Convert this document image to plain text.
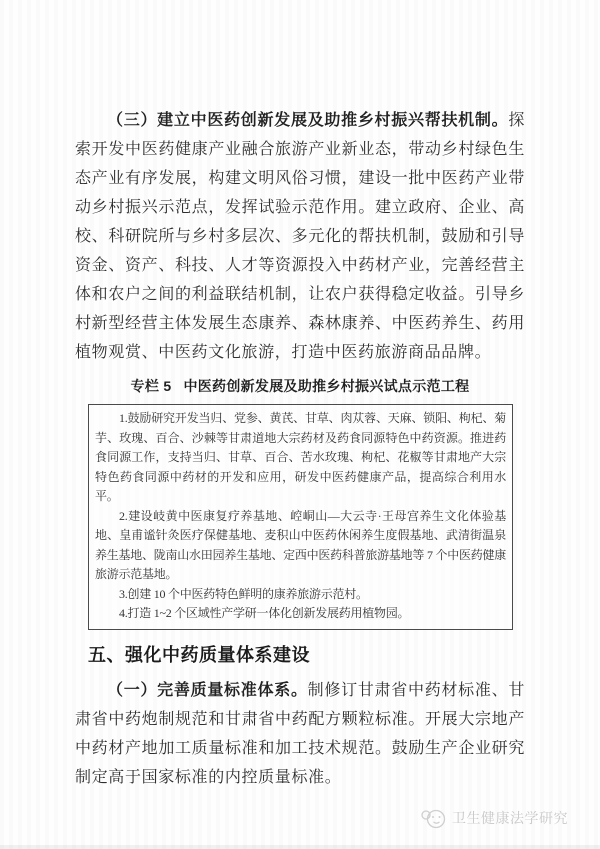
（三）建立中医药创新发展及助推乡村振兴帮扶机制。探索开发中医药健康产业融合旅游产业新业态，带动乡村绿色生态产业有序发展，构建文明风俗习惯，建设一批中医药产业带动乡村振兴示范点，发挥试验示范作用。建立政府、企业、高校、科研院所与乡村多层次、多元化的帮扶机制，鼓励和引导资金、资产、科技、人才等资源投入中药材产业，完善经营主体和农户之间的利益联结机制，让农户获得稳定收益。引导乡村新型经营主体发展生态康养、森林康养、中医药养生、药用植物观赏、中医药文化旅游，打造中医药旅游商品品牌。

专栏 5 中医药创新发展及助推乡村振兴试点示范工程

1.鼓励研究开发当归、党参、黄芪、甘草、肉苁蓉、天麻、锁阳、枸杞、菊芋、玫瑰、百合、沙棘等甘肃道地大宗药材及药食同源特色中药资源。推进药食同源工作，支持当归、甘草、百合、苦水玫瑰、枸杞、花椒等甘肃地产大宗特色药食同源中药材的开发和应用，研发中医药健康产品，提高综合利用水平。

2.建设岐黄中医康复疗养基地、崆峒山—大云寺·王母宫养生文化体验基地、皇甫谧针灸医疗保健基地、麦积山中医药休闲养生度假基地、武清街温泉养生基地、陇南山水田园养生基地、定西中医药科普旅游基地等 7 个中医药健康旅游示范基地。

3.创建 10 个中医药特色鲜明的康养旅游示范村。

4.打造 1~2 个区域性产学研一体化创新发展药用植物园。

五、强化中药质量体系建设

（一）完善质量标准体系。制修订甘肃省中药材标准、甘肃省中药炮制规范和甘肃省中药配方颗粒标准。开展大宗地产中药材产地加工质量标准和加工技术规范。鼓励生产企业研究制定高于国家标准的内控质量标准。

卫生健康法学研究
